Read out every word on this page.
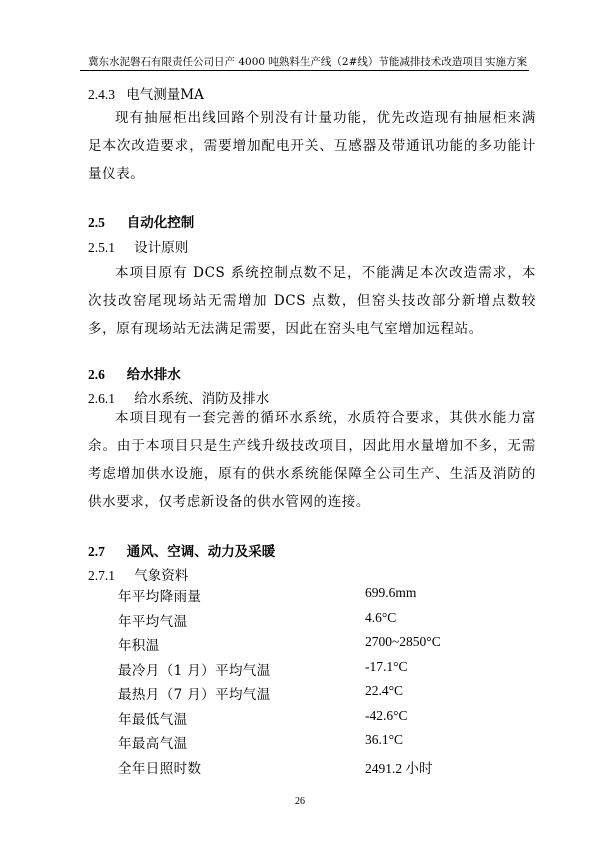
冀东水泥磐石有限责任公司日产 4000 吨熟料生产线（2#线）节能减排技术改造项目 实施方案
2.4.3 电气测量MA
现有抽屉柜出线回路个别没有计量功能，优先改造现有抽屉柜来满足本次改造要求，需要增加配电开关、互感器及带通讯功能的多功能计量仪表。
2.5 自动化控制
2.5.1 设计原则
本项目原有 DCS 系统控制点数不足，不能满足本次改造需求，本次技改窑尾现场站无需增加 DCS 点数，但窑头技改部分新增点数较多，原有现场站无法满足需要，因此在窑头电气室增加远程站。
2.6 给水排水
2.6.1 给水系统、消防及排水
本项目现有一套完善的循环水系统，水质符合要求，其供水能力富余。由于本项目只是生产线升级技改项目，因此用水量增加不多，无需考虑增加供水设施，原有的供水系统能保障全公司生产、生活及消防的供水要求，仅考虑新设备的供水管网的连接。
2.7 通风、空调、动力及采暖
2.7.1 气象资料
年平均降雨量	699.6mm
年平均气温	4.6°C
年积温	2700~2850°C
最冷月（1 月）平均气温	-17.1°C
最热月（7 月）平均气温	22.4°C
年最低气温	-42.6°C
年最高气温	36.1°C
全年日照时数	2491.2 小时
26
